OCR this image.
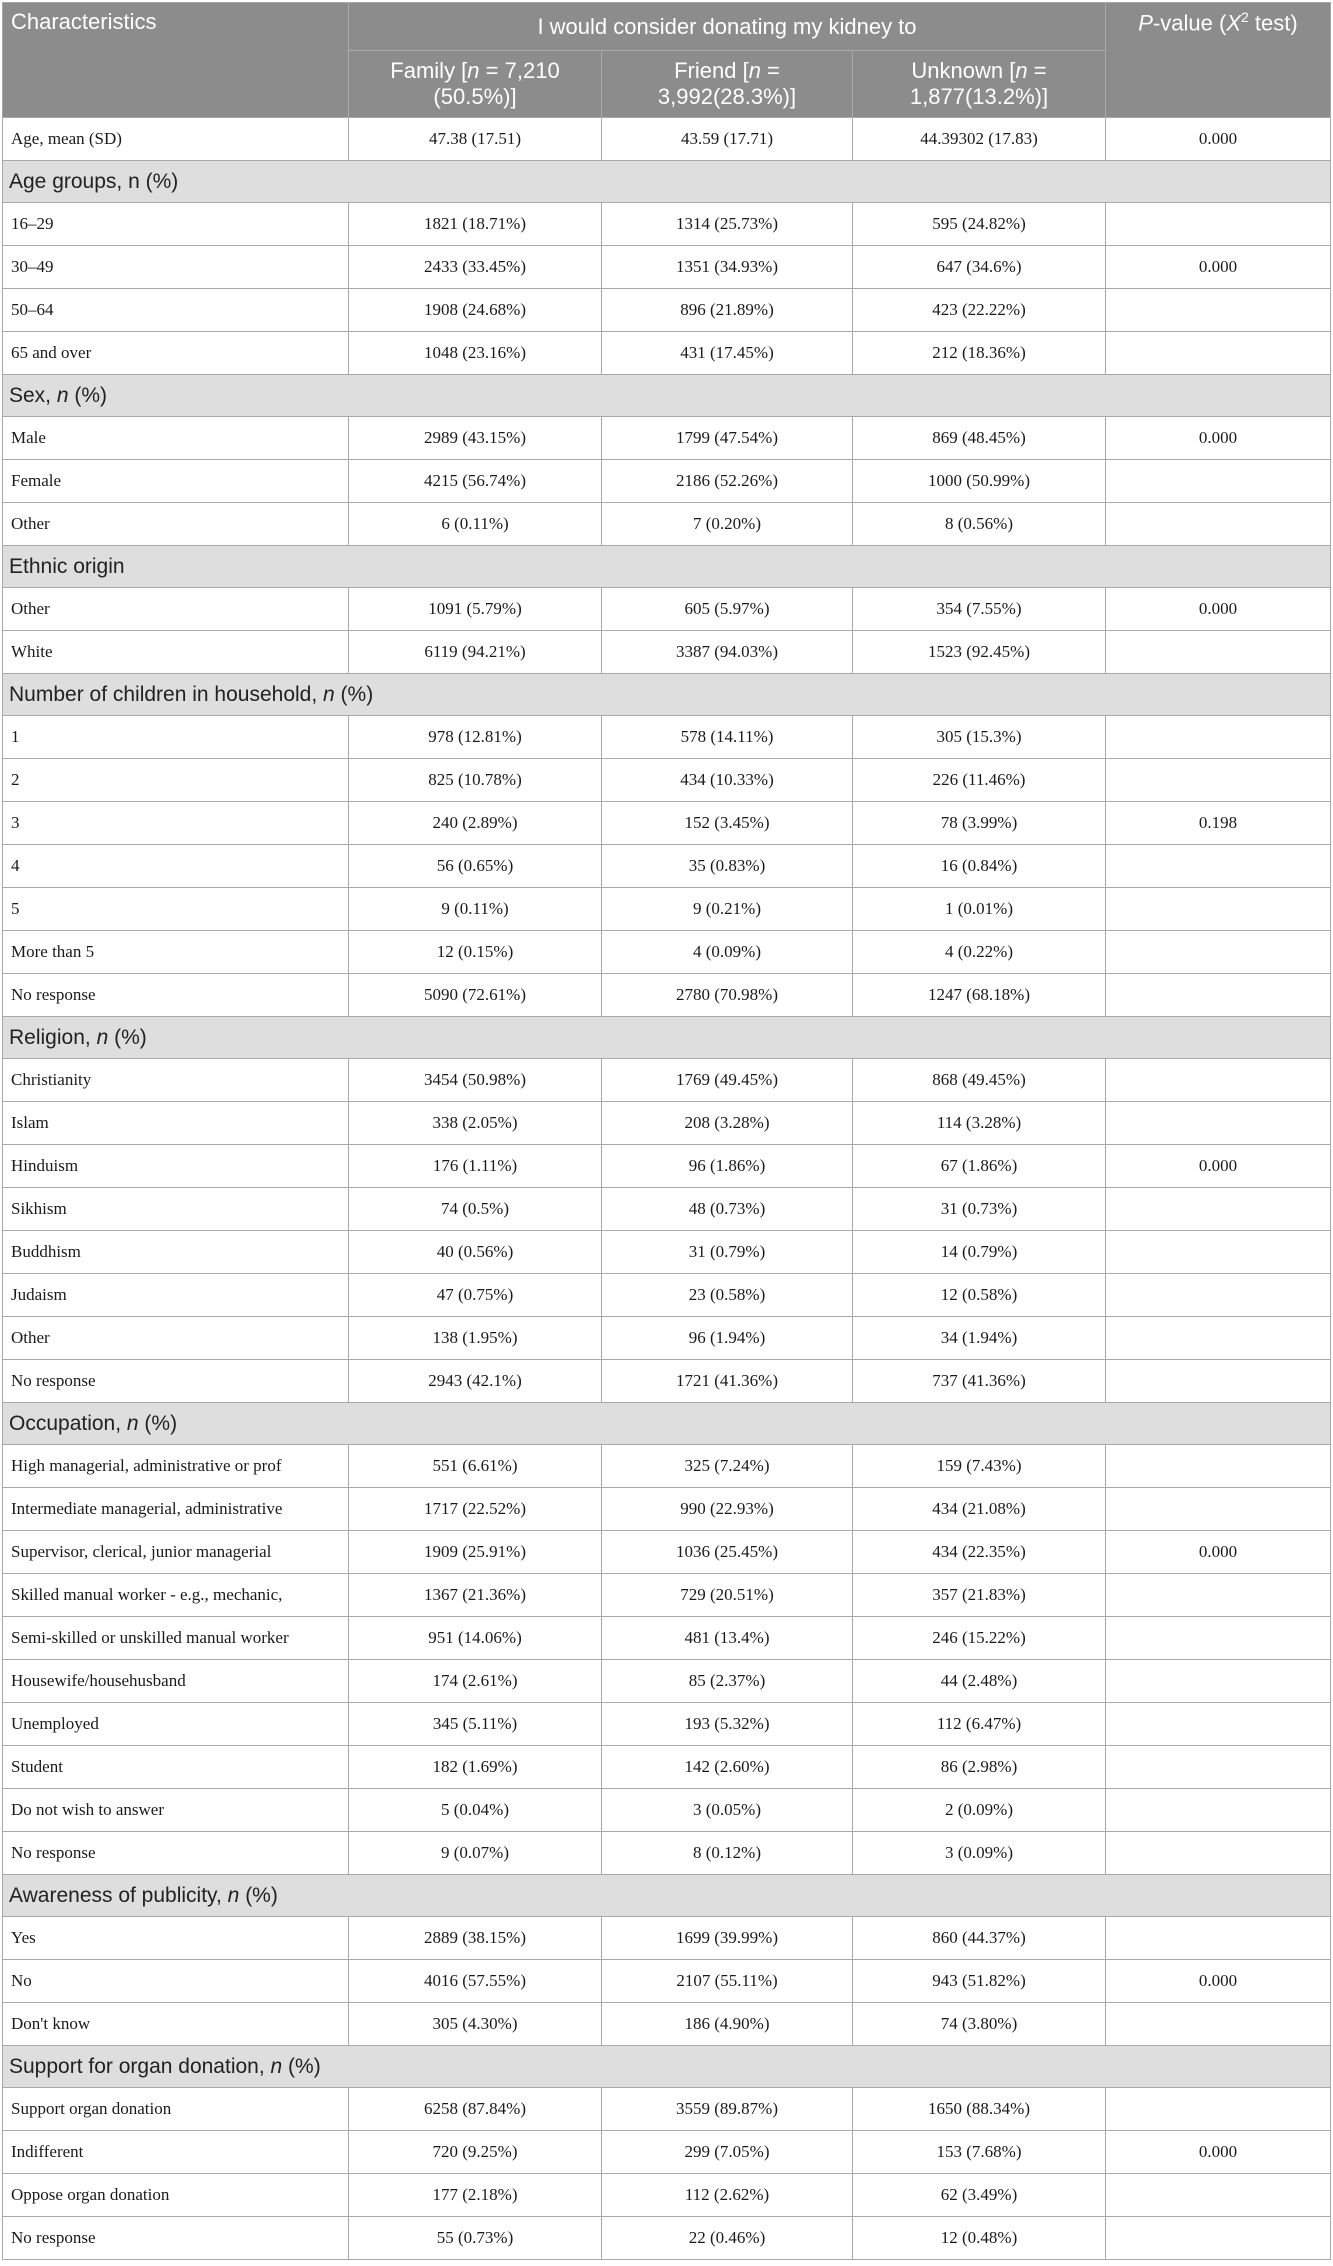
Characteristics	I would consider donating my kidney to			P-value ($X^2$ test)
	Family [n = 7,210 (50.5%)]	Friend [n = 3,992(28.3%)]	Unknown [n = 1,877(13.2%)]	
Age, mean (SD)	47.38 (17.51)	43.59 (17.71)	44.39302 (17.83)	0.000
Age groups, n (%)				
16–29	1821 (18.71%)	1314 (25.73%)	595 (24.82%)	
30–49	2433 (33.45%)	1351 (34.93%)	647 (34.6%)	0.000
50–64	1908 (24.68%)	896 (21.89%)	423 (22.22%)	
65 and over	1048 (23.16%)	431 (17.45%)	212 (18.36%)	
Sex, n (%)				
Male	2989 (43.15%)	1799 (47.54%)	869 (48.45%)	0.000
Female	4215 (56.74%)	2186 (52.26%)	1000 (50.99%)	
Other	6 (0.11%)	7 (0.20%)	8 (0.56%)	
Ethnic origin				
Other	1091 (5.79%)	605 (5.97%)	354 (7.55%)	0.000
White	6119 (94.21%)	3387 (94.03%)	1523 (92.45%)	
Number of children in household, n (%)				
1	978 (12.81%)	578 (14.11%)	305 (15.3%)	
2	825 (10.78%)	434 (10.33%)	226 (11.46%)	
3	240 (2.89%)	152 (3.45%)	78 (3.99%)	0.198
4	56 (0.65%)	35 (0.83%)	16 (0.84%)	
5	9 (0.11%)	9 (0.21%)	1 (0.01%)	
More than 5	12 (0.15%)	4 (0.09%)	4 (0.22%)	
No response	5090 (72.61%)	2780 (70.98%)	1247 (68.18%)	
Religion, n (%)				
Christianity	3454 (50.98%)	1769 (49.45%)	868 (49.45%)	
Islam	338 (2.05%)	208 (3.28%)	114 (3.28%)	
Hinduism	176 (1.11%)	96 (1.86%)	67 (1.86%)	0.000
Sikhism	74 (0.5%)	48 (0.73%)	31 (0.73%)	
Buddhism	40 (0.56%)	31 (0.79%)	14 (0.79%)	
Judaism	47 (0.75%)	23 (0.58%)	12 (0.58%)	
Other	138 (1.95%)	96 (1.94%)	34 (1.94%)	
No response	2943 (42.1%)	1721 (41.36%)	737 (41.36%)	
Occupation, n (%)				
High managerial, administrative or prof	551 (6.61%)	325 (7.24%)	159 (7.43%)	
Intermediate managerial, administrative	1717 (22.52%)	990 (22.93%)	434 (21.08%)	
Supervisor, clerical, junior managerial	1909 (25.91%)	1036 (25.45%)	434 (22.35%)	0.000
Skilled manual worker - e.g., mechanic,	1367 (21.36%)	729 (20.51%)	357 (21.83%)	
Semi-skilled or unskilled manual worker	951 (14.06%)	481 (13.4%)	246 (15.22%)	
Housewife/househusband	174 (2.61%)	85 (2.37%)	44 (2.48%)	
Unemployed	345 (5.11%)	193 (5.32%)	112 (6.47%)	
Student	182 (1.69%)	142 (2.60%)	86 (2.98%)	
Do not wish to answer	5 (0.04%)	3 (0.05%)	2 (0.09%)	
No response	9 (0.07%)	8 (0.12%)	3 (0.09%)	
Awareness of publicity, n (%)				
Yes	2889 (38.15%)	1699 (39.99%)	860 (44.37%)	
No	4016 (57.55%)	2107 (55.11%)	943 (51.82%)	0.000
Don't know	305 (4.30%)	186 (4.90%)	74 (3.80%)	
Support for organ donation, n (%)				
Support organ donation	6258 (87.84%)	3559 (89.87%)	1650 (88.34%)	
Indifferent	720 (9.25%)	299 (7.05%)	153 (7.68%)	0.000
Oppose organ donation	177 (2.18%)	112 (2.62%)	62 (3.49%)	
No response	55 (0.73%)	22 (0.46%)	12 (0.48%)	
